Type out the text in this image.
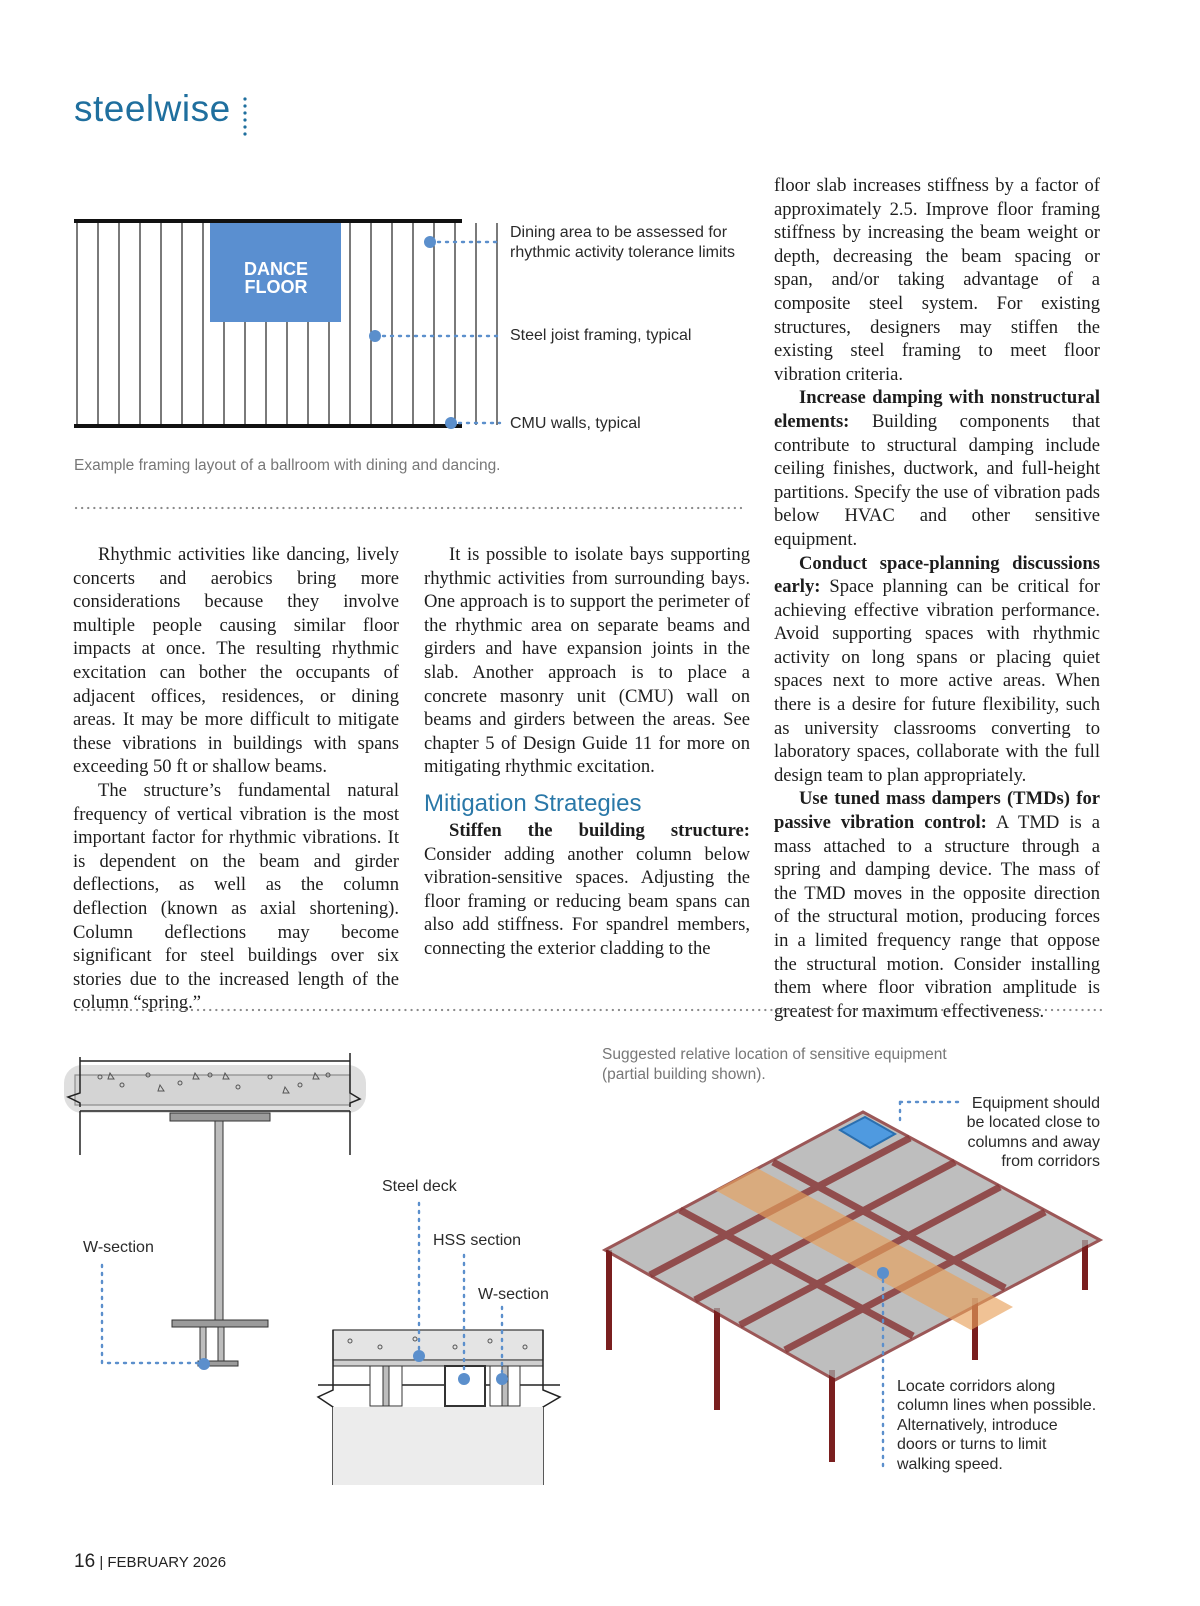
steelwise
DANCE
FLOOR
Dining area to be assessed for
rhythmic activity tolerance limits
Steel joist framing, typical
CMU walls, typical
Example framing layout of a ballroom with dining and dancing.

Rhythmic activities like dancing, lively concerts and aerobics bring more considerations because they involve multiple people causing similar floor impacts at once. The resulting rhythmic excitation can bother the occupants of adjacent offices, residences, or dining areas. It may be more difficult to mitigate these vibrations in buildings with spans exceeding 50 ft or shallow beams.

The structure’s fundamental natural frequency of vertical vibration is the most important factor for rhythmic vibrations. It is dependent on the beam and girder deflections, as well as the column deflection (known as axial shortening). Column deflections may become significant for steel buildings over six stories due to the increased length of the column “spring.”

It is possible to isolate bays supporting rhythmic activities from surrounding bays. One approach is to support the perimeter of the rhythmic area on separate beams and girders and have expansion joints in the slab. Another approach is to place a concrete masonry unit (CMU) wall on beams and girders between the areas. See chapter 5 of Design Guide 11 for more on mitigating rhythmic excitation.

Mitigation Strategies

Stiffen the building structure: Consider adding another column below vibration-sensitive spaces. Adjusting the floor framing or reducing beam spans can also add stiffness. For spandrel members, connecting the exterior cladding to the

floor slab increases stiffness by a factor of approximately 2.5. Improve floor framing stiffness by increasing the beam weight or depth, decreasing the beam spacing or span, and/or taking advantage of a composite steel system. For existing structures, designers may stiffen the existing steel framing to meet floor vibration criteria.

Increase damping with nonstructural elements: Building components that contribute to structural damping include ceiling finishes, ductwork, and full-height partitions. Specify the use of vibration pads below HVAC and other sensitive equipment.

Conduct space-planning discussions early: Space planning can be critical for achieving effective vibration performance. Avoid supporting spaces with rhythmic activity on long spans or placing quiet spaces next to more active areas. When there is a desire for future flexibility, such as university classrooms converting to laboratory spaces, collaborate with the full design team to plan appropriately.

Use tuned mass dampers (TMDs) for passive vibration control: A TMD is a mass attached to a structure through a spring and damping device. The mass of the TMD moves in the opposite direction of the structural motion, producing forces in a limited frequency range that oppose the structural motion. Consider installing them where floor vibration amplitude is greatest for maximum effectiveness.

W-section
Steel deck
HSS section
W-section
Suggested relative location of sensitive equipment
(partial building shown).
Equipment should
be located close to
columns and away
from corridors
Locate corridors along
column lines when possible.
Alternatively, introduce
doors or turns to limit
walking speed.
16 | FEBRUARY 2026
